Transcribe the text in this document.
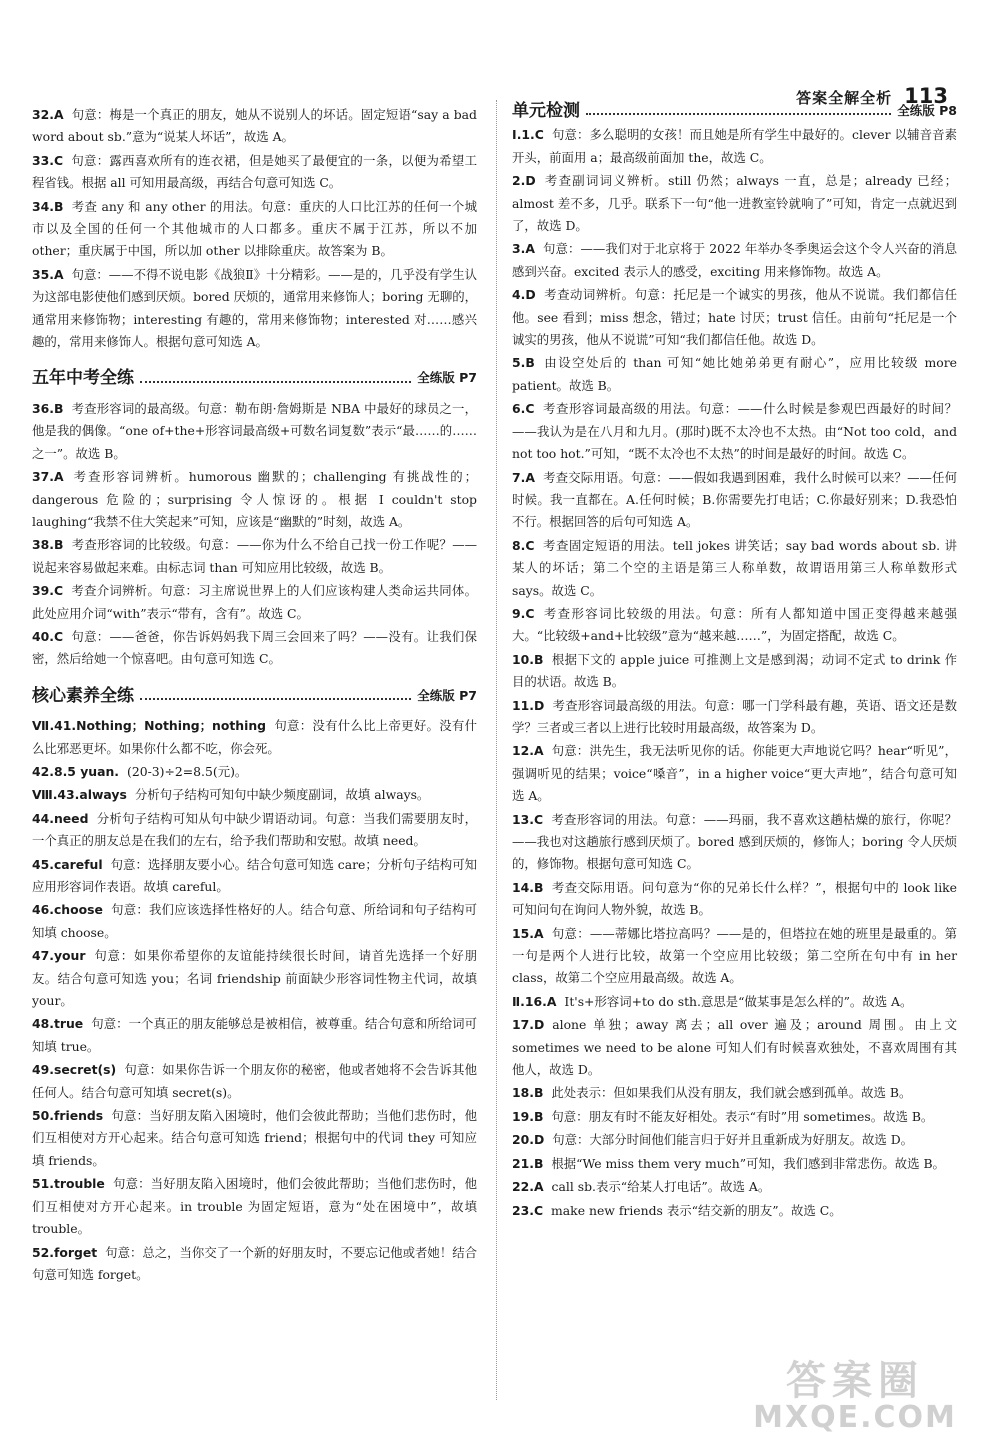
答案全解全析 113
32.A 句意：梅是一个真正的朋友，她从不说别人的坏话。固定短语“say a bad word about sb.”意为“说某人坏话”，故选 A。
33.C 句意：露西喜欢所有的连衣裙，但是她买了最便宜的一条，以便为希望工程省钱。根据 all 可知用最高级，再结合句意可知选 C。
34.B 考查 any 和 any other 的用法。句意：重庆的人口比江苏的任何一个城市以及全国的任何一个其他城市的人口都多。重庆不属于江苏，所以不加 other；重庆属于中国，所以加 other 以排除重庆。故答案为 B。
35.A 句意：——不得不说电影《战狼Ⅱ》十分精彩。——是的，几乎没有学生认为这部电影使他们感到厌烦。bored 厌烦的，通常用来修饰人；boring 无聊的，通常用来修饰物；interesting 有趣的，常用来修饰物；interested 对……感兴趣的，常用来修饰人。根据句意可知选 A。
五年中考全练	全练版 P7
36.B 考查形容词的最高级。句意：勒布朗·詹姆斯是 NBA 中最好的球员之一，他是我的偶像。“one of+the+形容词最高级+可数名词复数”表示“最……的……之一”。故选 B。
37.A 考查形容词辨析。humorous 幽默的；challenging 有挑战性的；dangerous 危险的；surprising 令人惊讶的。根据 I couldn't stop laughing“我禁不住大笑起来”可知，应该是“幽默的”时刻，故选 A。
38.B 考查形容词的比较级。句意：——你为什么不给自己找一份工作呢？——说起来容易做起来难。由标志词 than 可知应用比较级，故选 B。
39.C 考查介词辨析。句意：习主席说世界上的人们应该构建人类命运共同体。此处应用介词“with”表示“带有，含有”。故选 C。
40.C 句意：——爸爸，你告诉妈妈我下周三会回来了吗？——没有。让我们保密，然后给她一个惊喜吧。由句意可知选 C。
核心素养全练	全练版 P7
Ⅶ.41.Nothing；Nothing；nothing 句意：没有什么比上帝更好。没有什么比邪恶更坏。如果你什么都不吃，你会死。
42.8.5 yuan. (20-3)÷2=8.5(元)。
Ⅷ.43.always 分析句子结构可知句中缺少频度副词，故填 always。
44.need 分析句子结构可知从句中缺少谓语动词。句意：当我们需要朋友时，一个真正的朋友总是在我们的左右，给予我们帮助和安慰。故填 need。
45.careful 句意：选择朋友要小心。结合句意可知选 care；分析句子结构可知应用形容词作表语。故填 careful。
46.choose 句意：我们应该选择性格好的人。结合句意、所给词和句子结构可知填 choose。
47.your 句意：如果你希望你的友谊能持续很长时间，请首先选择一个好朋友。结合句意可知选 you；名词 friendship 前面缺少形容词性物主代词，故填 your。
48.true 句意：一个真正的朋友能够总是被相信，被尊重。结合句意和所给词可知填 true。
49.secret(s) 句意：如果你告诉一个朋友你的秘密，他或者她将不会告诉其他任何人。结合句意可知填 secret(s)。
50.friends 句意：当好朋友陷入困境时，他们会彼此帮助；当他们悲伤时，他们互相使对方开心起来。结合句意可知选 friend；根据句中的代词 they 可知应填 friends。
51.trouble 句意：当好朋友陷入困境时，他们会彼此帮助；当他们悲伤时，他们互相使对方开心起来。in trouble 为固定短语，意为“处在困境中”，故填 trouble。
52.forget 句意：总之，当你交了一个新的好朋友时，不要忘记他或者她！结合句意可知选 forget。
单元检测	全练版 P8
Ⅰ.1.C 句意：多么聪明的女孩！而且她是所有学生中最好的。clever 以辅音音素开头，前面用 a；最高级前面加 the，故选 C。
2.D 考查副词词义辨析。still 仍然；always 一直，总是；already 已经；almost 差不多，几乎。联系下一句“他一进教室铃就响了”可知，肯定一点就迟到了，故选 D。
3.A 句意：——我们对于北京将于 2022 年举办冬季奥运会这个令人兴奋的消息感到兴奋。excited 表示人的感受，exciting 用来修饰物。故选 A。
4.D 考查动词辨析。句意：托尼是一个诚实的男孩，他从不说谎。我们都信任他。see 看到；miss 想念，错过；hate 讨厌；trust 信任。由前句“托尼是一个诚实的男孩，他从不说谎”可知“我们都信任他。故选 D。
5.B 由设空处后的 than 可知“她比她弟弟更有耐心”，应用比较级 more patient。故选 B。
6.C 考查形容词最高级的用法。句意：——什么时候是参观巴西最好的时间？——我认为是在八月和九月。(那时)既不太冷也不太热。由“Not too cold，and not too hot.”可知，“既不太冷也不太热”的时间是最好的时间。故选 C。
7.A 考查交际用语。句意：——假如我遇到困难，我什么时候可以来？——任何时候。我一直都在。A.任何时候；B.你需要先打电话；C.你最好别来；D.我恐怕不行。根据回答的后句可知选 A。
8.C 考查固定短语的用法。tell jokes 讲笑话；say bad words about sb. 讲某人的坏话；第二个空的主语是第三人称单数，故谓语用第三人称单数形式 says。故选 C。
9.C 考查形容词比较级的用法。句意：所有人都知道中国正变得越来越强大。“比较级+and+比较级”意为“越来越……”，为固定搭配，故选 C。
10.B 根据下文的 apple juice 可推测上文是感到渴；动词不定式 to drink 作目的状语。故选 B。
11.D 考查形容词最高级的用法。句意：哪一门学科最有趣，英语、语文还是数学？三者或三者以上进行比较时用最高级，故答案为 D。
12.A 句意：洪先生，我无法听见你的话。你能更大声地说它吗？hear“听见”，强调听见的结果；voice“嗓音”，in a higher voice“更大声地”，结合句意可知选 A。
13.C 考查形容词的用法。句意：——玛丽，我不喜欢这趟枯燥的旅行，你呢？——我也对这趟旅行感到厌烦了。bored 感到厌烦的，修饰人；boring 令人厌烦的，修饰物。根据句意可知选 C。
14.B 考查交际用语。问句意为“你的兄弟长什么样？”，根据句中的 look like 可知问句在询问人物外貌，故选 B。
15.A 句意：——蒂娜比塔拉高吗？——是的，但塔拉在她的班里是最重的。第一句是两个人进行比较，故第一个空应用比较级；第二空所在句中有 in her class，故第二个空应用最高级。故选 A。
Ⅱ.16.A It's+形容词+to do sth.意思是“做某事是怎么样的”。故选 A。
17.D alone 单独；away 离去；all over 遍及；around 周围。由上文 sometimes we need to be alone 可知人们有时候喜欢独处，不喜欢周围有其他人，故选 D。
18.B 此处表示：但如果我们从没有朋友，我们就会感到孤单。故选 B。
19.B 句意：朋友有时不能友好相处。表示“有时”用 sometimes。故选 B。
20.D 句意：大部分时间他们能言归于好并且重新成为好朋友。故选 D。
21.B 根据“We miss them very much”可知，我们感到非常悲伤。故选 B。
22.A call sb.表示“给某人打电话”。故选 A。
23.C make new friends 表示“结交新的朋友”。故选 C。
答案圈
MXQE.COM
